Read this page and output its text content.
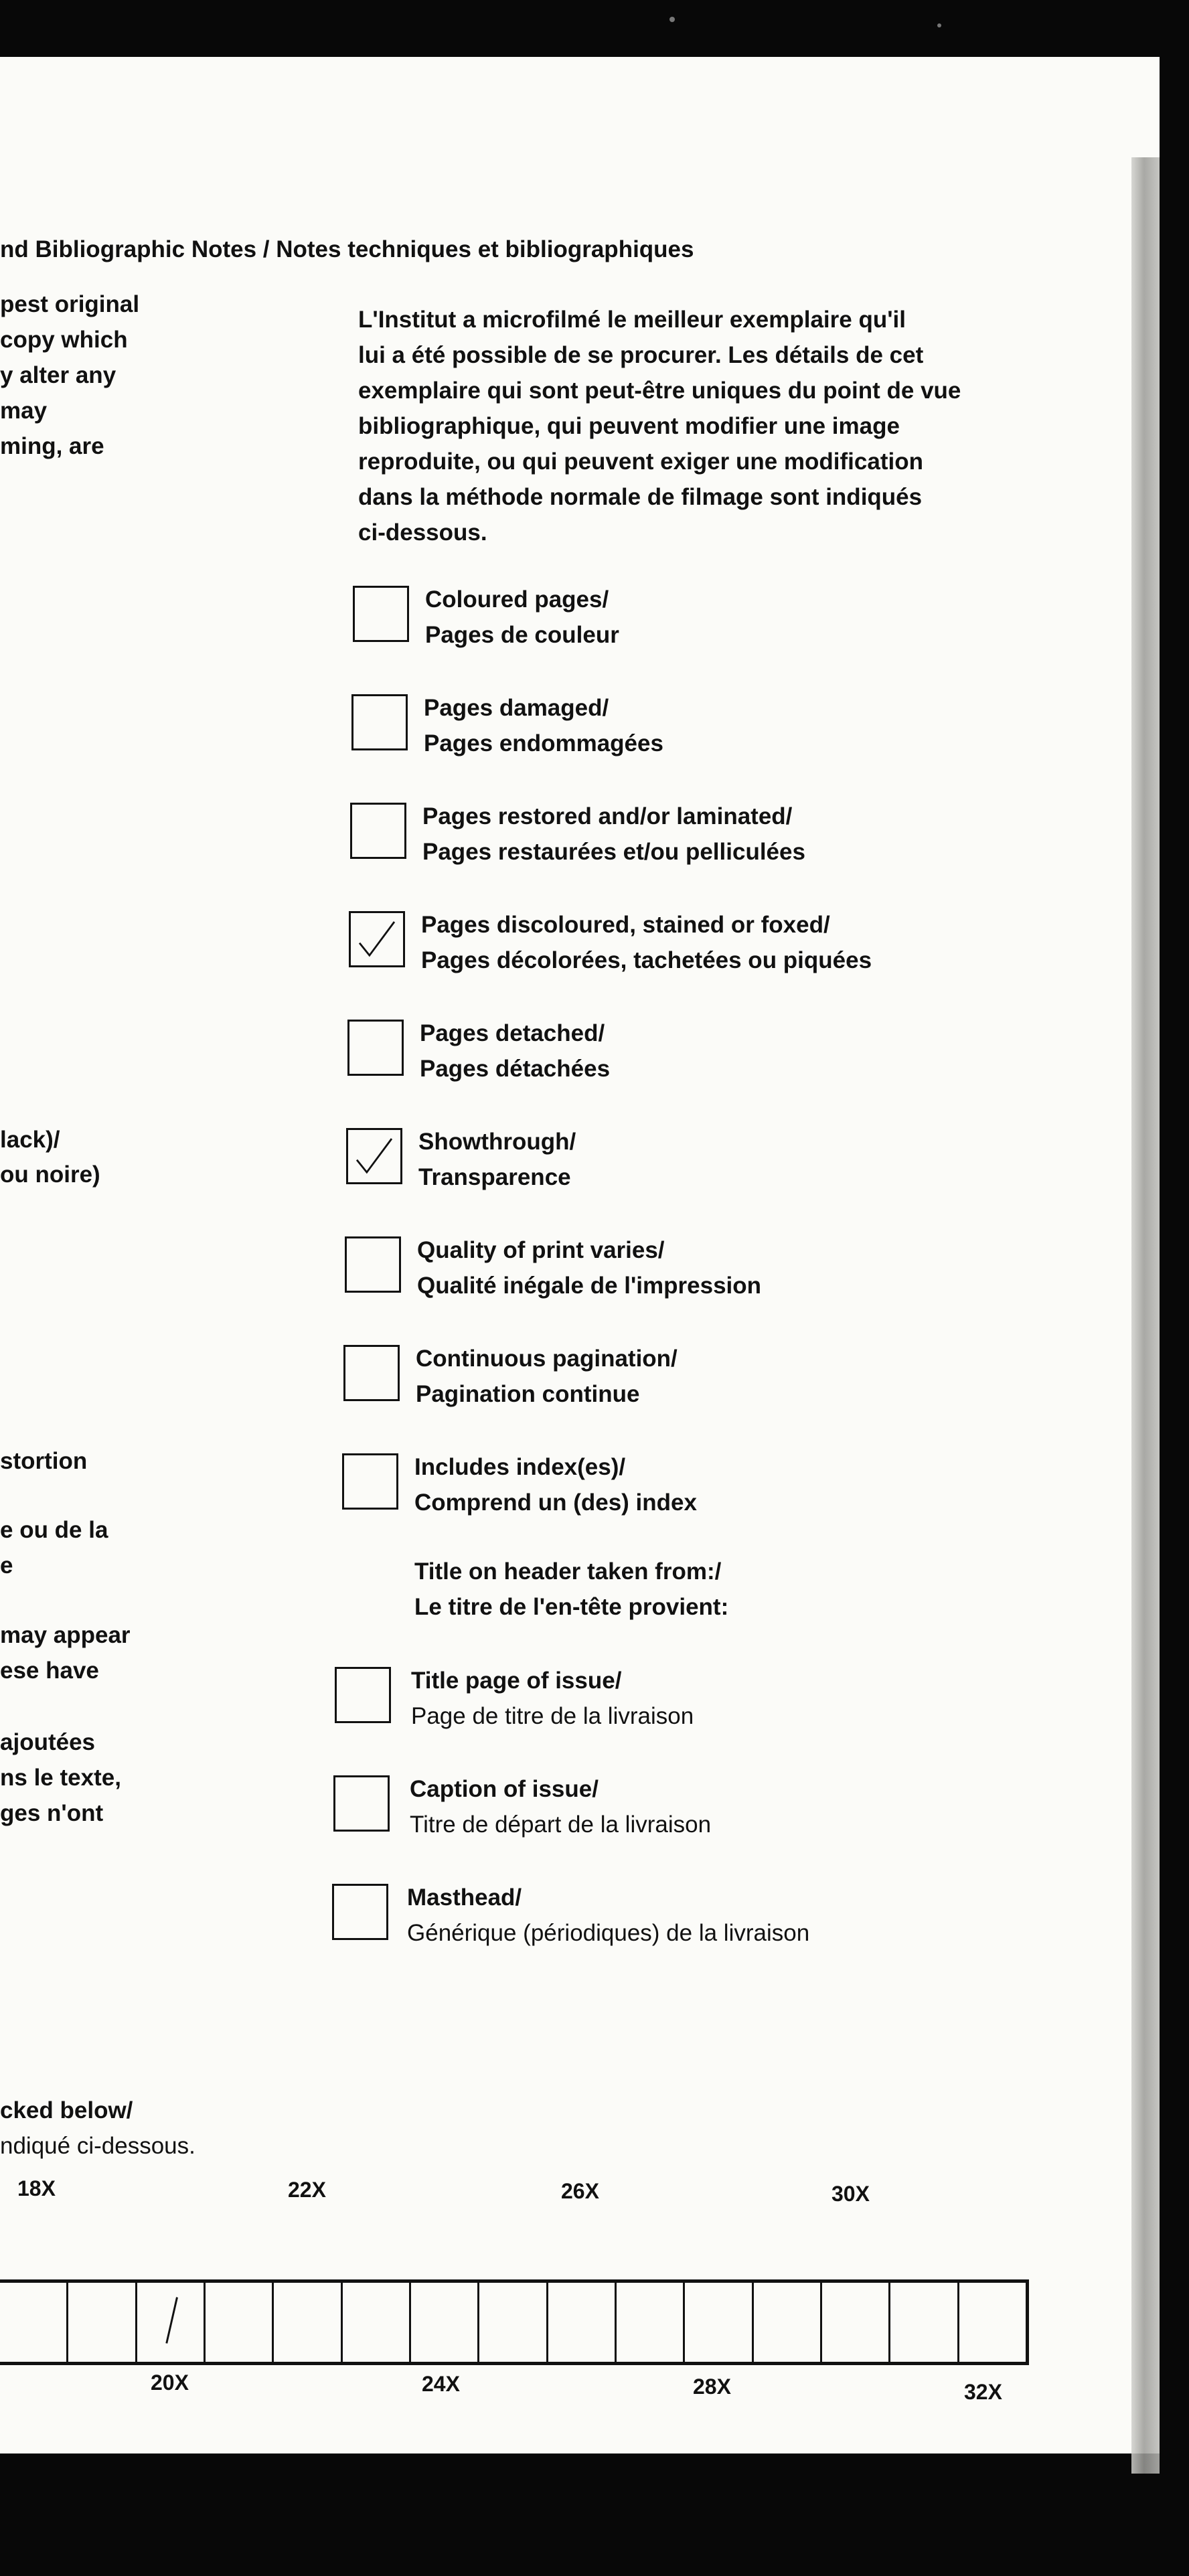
nd Bibliographic Notes / Notes techniques et bibliographiques
pest original
copy which
y alter any
may
ming, are
lack)/
ou noire)
stortion
e ou de la
e
may appear
ese have
ajoutées
ns le texte,
ges n'ont
cked below/
ndiqué ci-dessous.
L'Institut a microfilmé le meilleur exemplaire qu'il
lui a été possible de se procurer. Les détails de cet
exemplaire qui sont peut-être uniques du point de vue
bibliographique, qui peuvent modifier une image
reproduite, ou qui peuvent exiger une modification
dans la méthode normale de filmage sont indiqués
ci-dessous.
Coloured pages/
Pages de couleur
Pages damaged/
Pages endommagées
Pages restored and/or laminated/
Pages restaurées et/ou pelliculées
Pages discoloured, stained or foxed/
Pages décolorées, tachetées ou piquées
Pages detached/
Pages détachées
Showthrough/
Transparence
Quality of print varies/
Qualité inégale de l'impression
Continuous pagination/
Pagination continue
Includes index(es)/
Comprend un (des) index
Title on header taken from:/
Le titre de l'en-tête provient:
Title page of issue/
Page de titre de la livraison
Caption of issue/
Titre de départ de la livraison
Masthead/
Générique (périodiques) de la livraison
18X	22X	26X	30X
20X	24X	28X	32X
